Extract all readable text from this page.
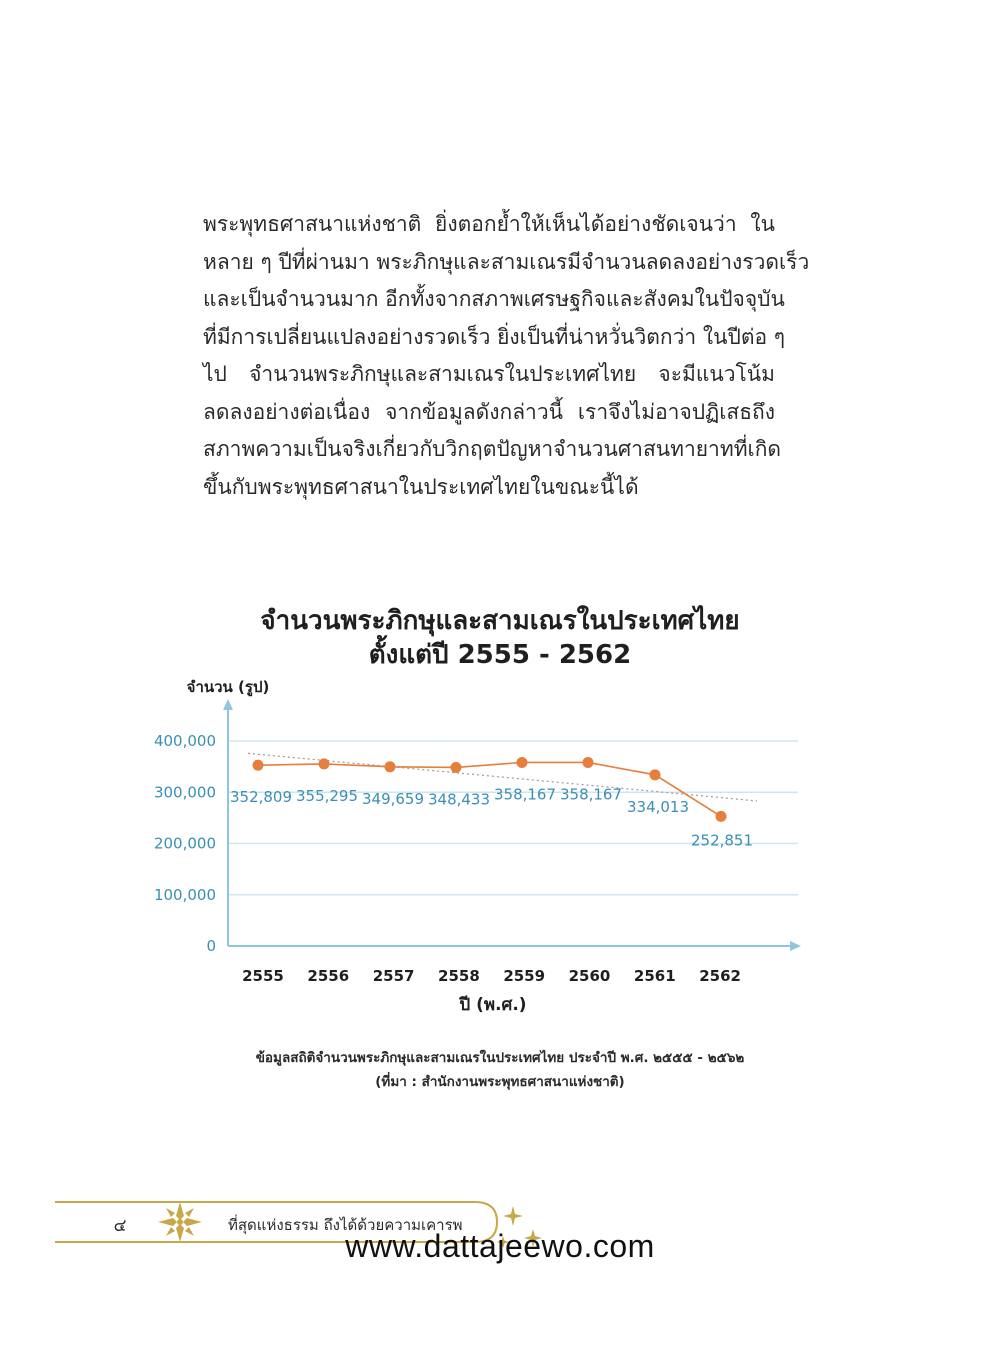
พระพุทธศาสนาแห่งชาติ ยิ่งตอกย้ำให้เห็นได้อย่างชัดเจนว่า ใน
หลาย ๆ ปีที่ผ่านมา พระภิกษุและสามเณรมีจำนวนลดลงอย่างรวดเร็ว
และเป็นจำนวนมาก อีกทั้งจากสภาพเศรษฐกิจและสังคมในปัจจุบัน
ที่มีการเปลี่ยนแปลงอย่างรวดเร็ว ยิ่งเป็นที่น่าหวั่นวิตกว่า ในปีต่อ ๆ
ไป จำนวนพระภิกษุและสามเณรในประเทศไทย จะมีแนวโน้ม
ลดลงอย่างต่อเนื่อง จากข้อมูลดังกล่าวนี้ เราจึงไม่อาจปฏิเสธถึง
สภาพความเป็นจริงเกี่ยวกับวิกฤตปัญหาจำนวนศาสนทายาทที่เกิด
ขึ้นกับพระพุทธศาสนาในประเทศไทยในขณะนี้ได้
จำนวนพระภิกษุและสามเณรในประเทศไทย
ตั้งแต่ปี 2555 - 2562
0
100,000
200,000
300,000
400,000
2555 2556 2557 2558 2559 2560 2561 2562
352,809 355,295 349,659 348,433 358,167 358,167
334,013
252,851
จำนวน (รูป)
ปี (พ.ศ.)
ข้อมูลสถิติจำนวนพระภิกษุและสามเณรในประเทศไทย ประจำปี พ.ศ. ๒๕๕๕ - ๒๕๖๒
(ที่มา : สำนักงานพระพุทธศาสนาแห่งชาติ)
๔	ที่สุดแห่งธรรม ถึงได้ด้วยความเคารพ
www.dattajeewo.com
